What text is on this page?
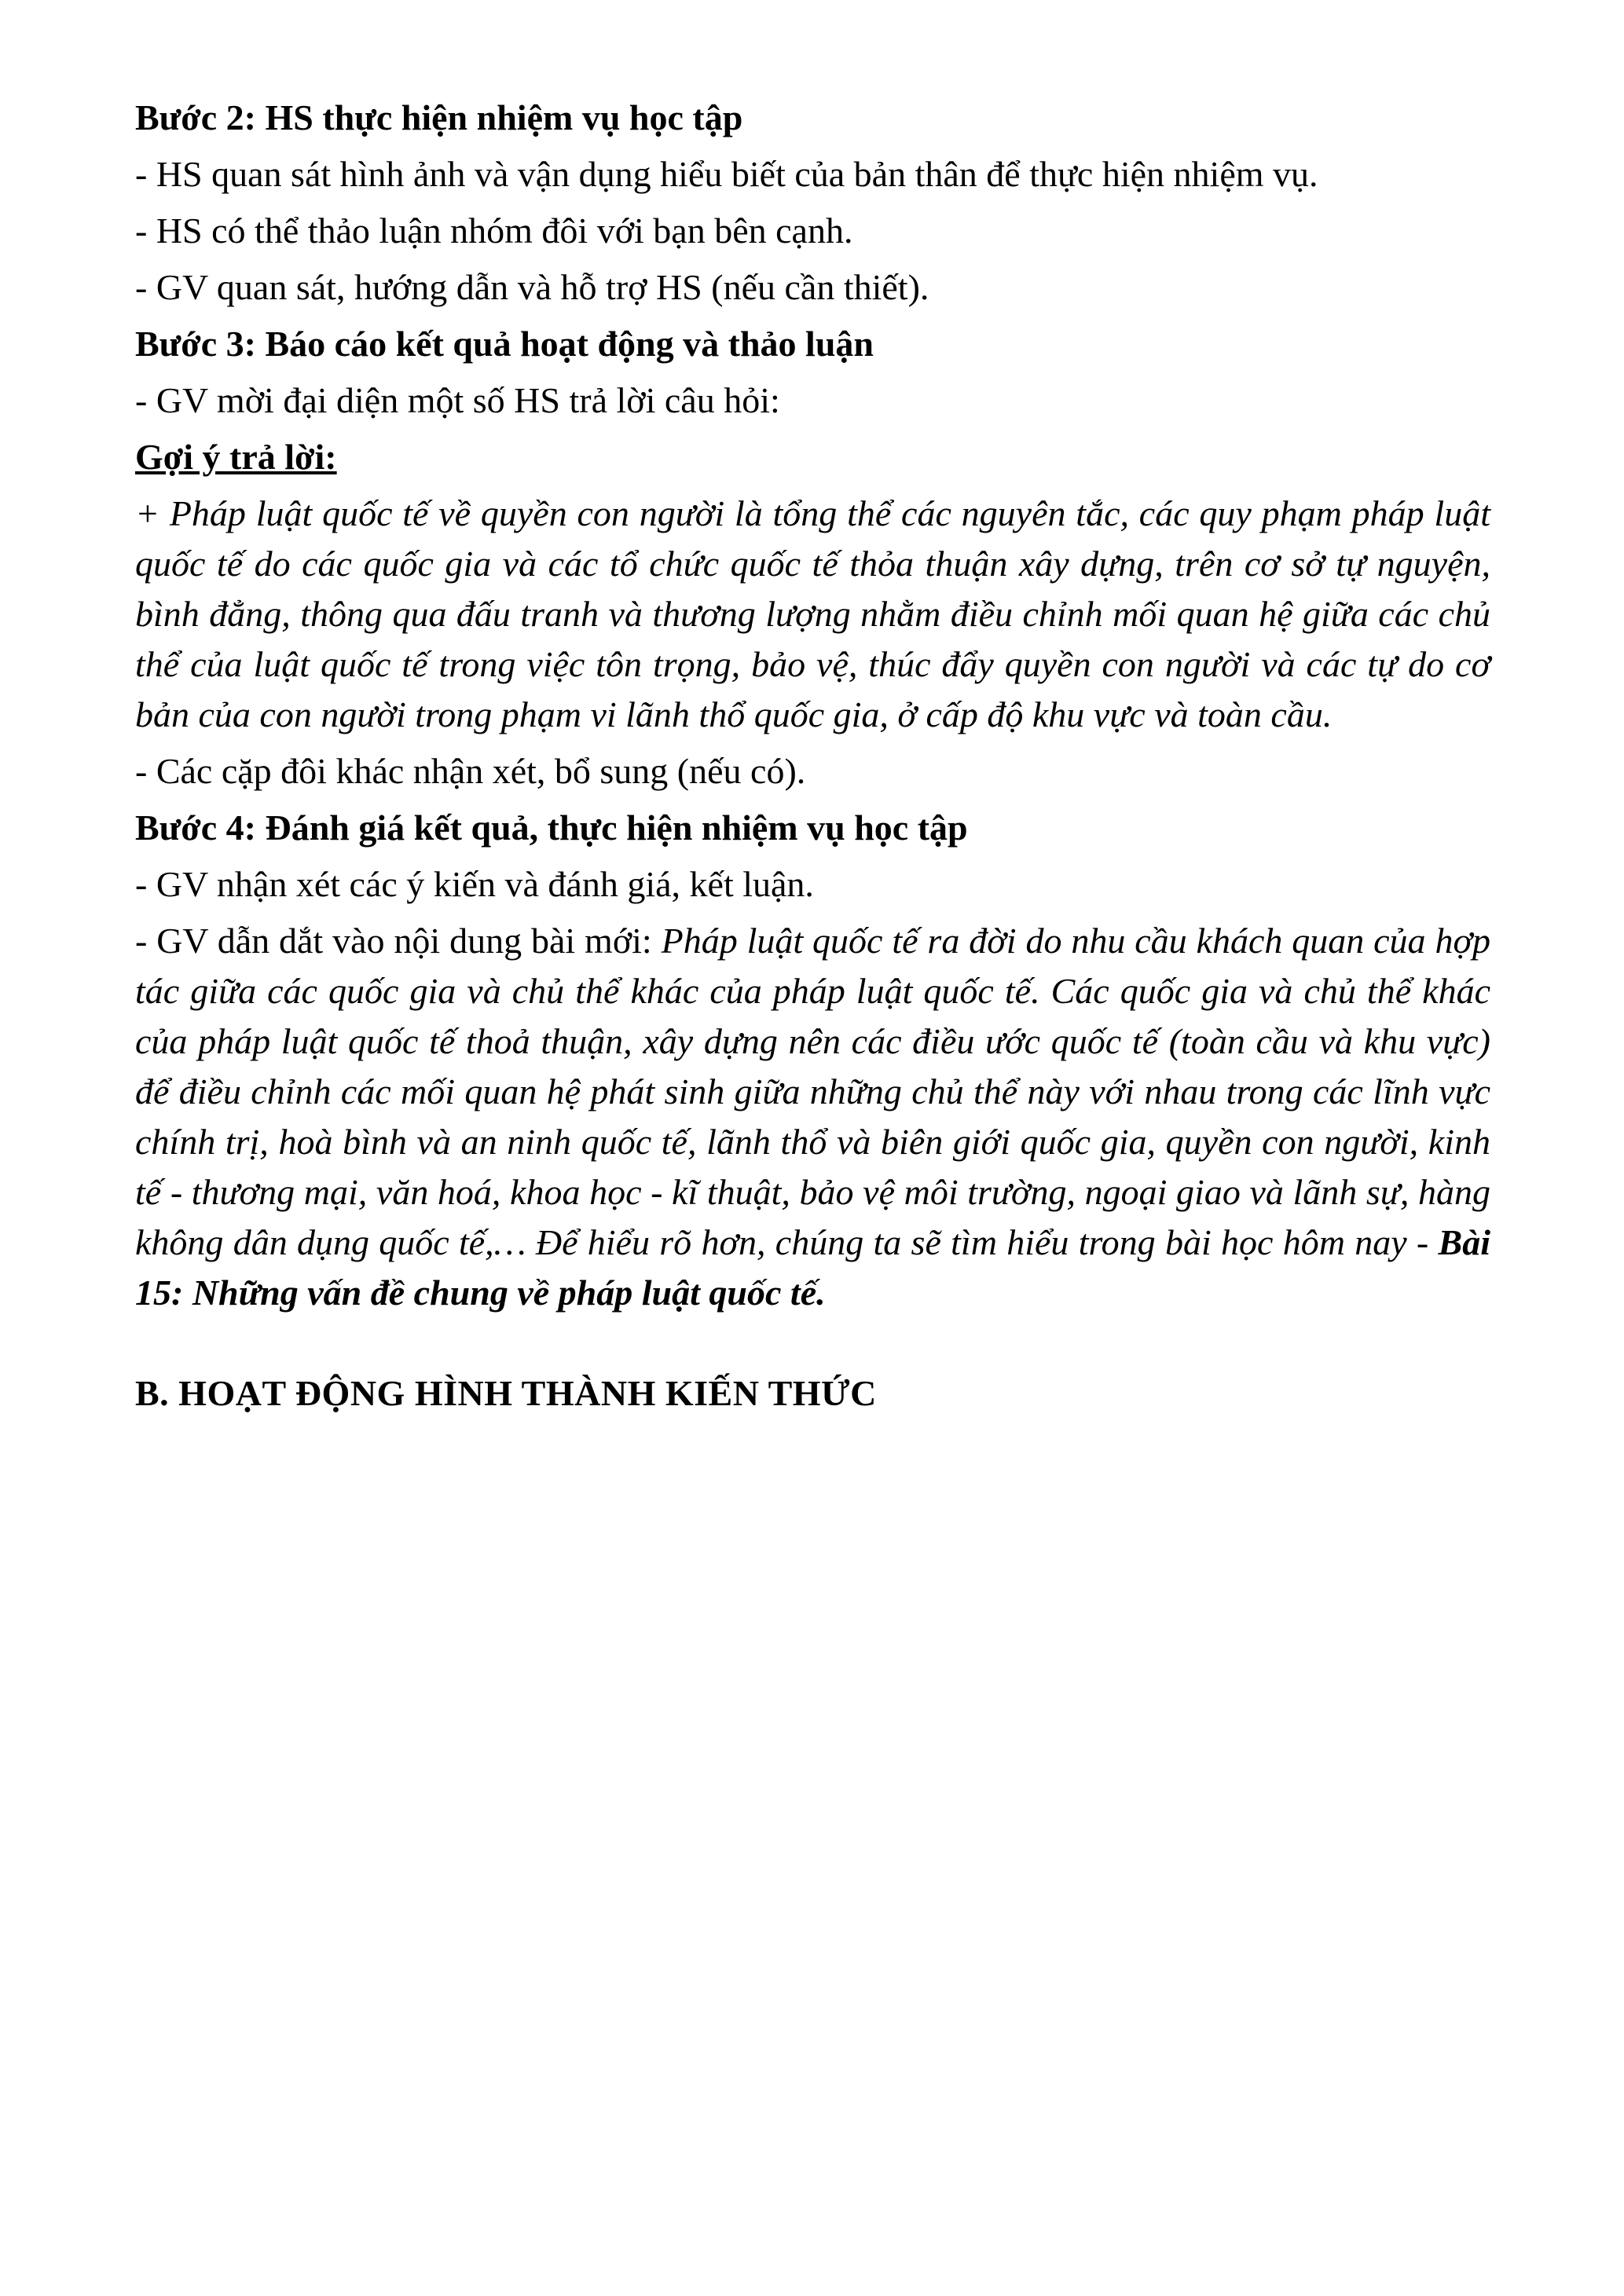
Bước 2: HS thực hiện nhiệm vụ học tập

- HS quan sát hình ảnh và vận dụng hiểu biết của bản thân để thực hiện nhiệm vụ.

- HS có thể thảo luận nhóm đôi với bạn bên cạnh.

- GV quan sát, hướng dẫn và hỗ trợ HS (nếu cần thiết).

Bước 3: Báo cáo kết quả hoạt động và thảo luận

- GV mời đại diện một số HS trả lời câu hỏi:

Gợi ý trả lời:

+ Pháp luật quốc tế về quyền con người là tổng thể các nguyên tắc, các quy phạm pháp luật quốc tế do các quốc gia và các tổ chức quốc tế thỏa thuận xây dựng, trên cơ sở tự nguyện, bình đẳng, thông qua đấu tranh và thương lượng nhằm điều chỉnh mối quan hệ giữa các chủ thể của luật quốc tế trong việc tôn trọng, bảo vệ, thúc đẩy quyền con người và các tự do cơ bản của con người trong phạm vi lãnh thổ quốc gia, ở cấp độ khu vực và toàn cầu.

- Các cặp đôi khác nhận xét, bổ sung (nếu có).

Bước 4: Đánh giá kết quả, thực hiện nhiệm vụ học tập

- GV nhận xét các ý kiến và đánh giá, kết luận.

- GV dẫn dắt vào nội dung bài mới: Pháp luật quốc tế ra đời do nhu cầu khách quan của hợp tác giữa các quốc gia và chủ thể khác của pháp luật quốc tế. Các quốc gia và chủ thể khác của pháp luật quốc tế thoả thuận, xây dựng nên các điều ước quốc tế (toàn cầu và khu vực) để điều chỉnh các mối quan hệ phát sinh giữa những chủ thể này với nhau trong các lĩnh vực chính trị, hoà bình và an ninh quốc tế, lãnh thổ và biên giới quốc gia, quyền con người, kinh tế - thương mại, văn hoá, khoa học - kĩ thuật, bảo vệ môi trường, ngoại giao và lãnh sự, hàng không dân dụng quốc tế,… Để hiểu rõ hơn, chúng ta sẽ tìm hiểu trong bài học hôm nay - Bài 15: Những vấn đề chung về pháp luật quốc tế.

B. HOẠT ĐỘNG HÌNH THÀNH KIẾN THỨC
